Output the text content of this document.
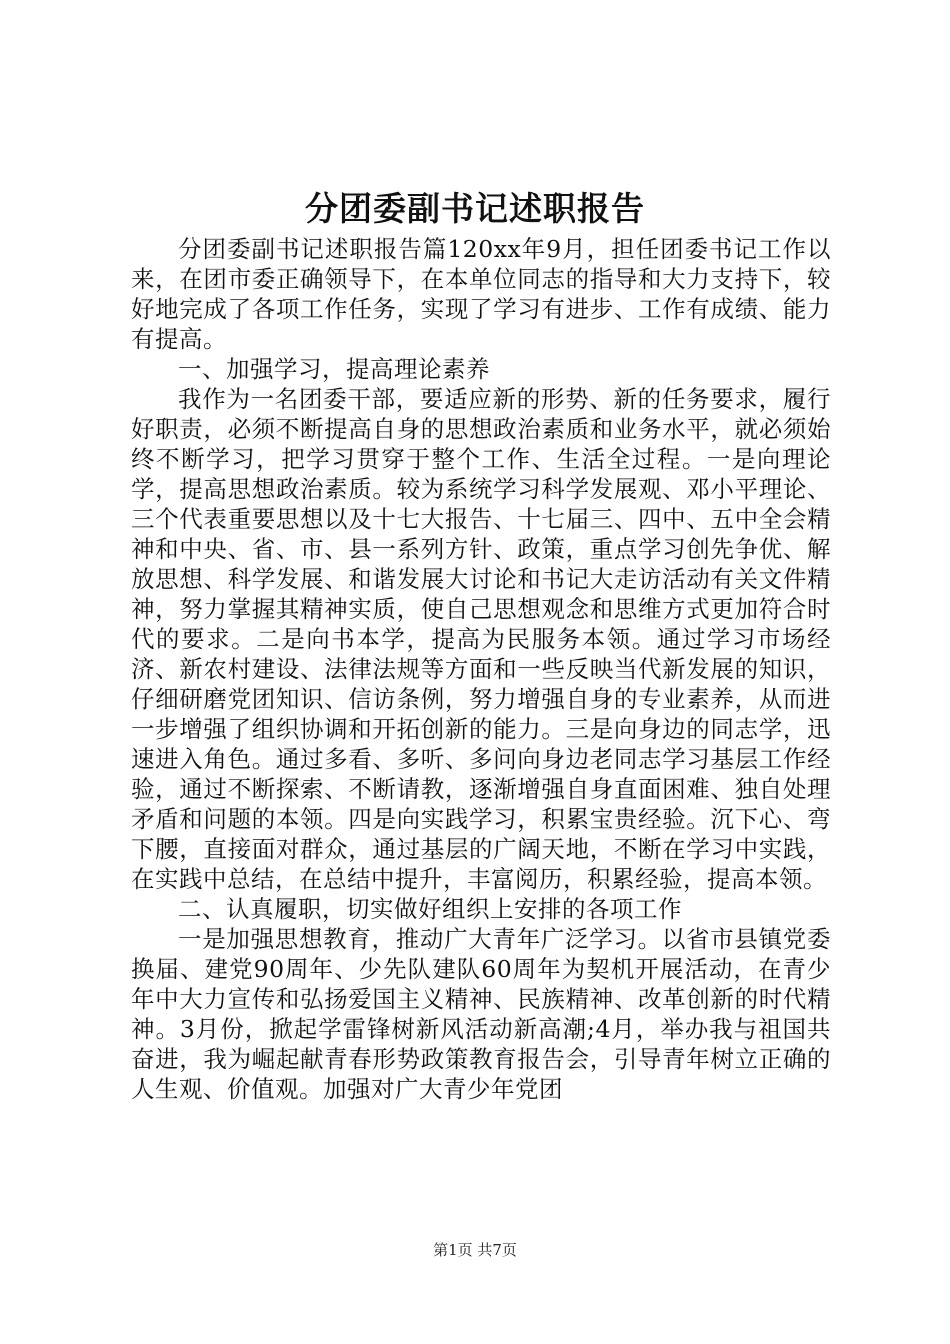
分团委副书记述职报告

分团委副书记述职报告篇120xx年9月，担任团委书记工作以来，在团市委正确领导下，在本单位同志的指导和大力支持下，较好地完成了各项工作任务，实现了学习有进步、工作有成绩、能力有提高。

一、加强学习，提高理论素养

我作为一名团委干部，要适应新的形势、新的任务要求，履行好职责，必须不断提高自身的思想政治素质和业务水平，就必须始终不断学习，把学习贯穿于整个工作、生活全过程。一是向理论学，提高思想政治素质。较为系统学习科学发展观、邓小平理论、三个代表重要思想以及十七大报告、十七届三、四中、五中全会精神和中央、省、市、县一系列方针、政策，重点学习创先争优、解放思想、科学发展、和谐发展大讨论和书记大走访活动有关文件精神，努力掌握其精神实质，使自己思想观念和思维方式更加符合时代的要求。二是向书本学，提高为民服务本领。通过学习市场经济、新农村建设、法律法规等方面和一些反映当代新发展的知识，仔细研磨党团知识、信访条例，努力增强自身的专业素养，从而进一步增强了组织协调和开拓创新的能力。三是向身边的同志学，迅速进入角色。通过多看、多听、多问向身边老同志学习基层工作经验，通过不断探索、不断请教，逐渐增强自身直面困难、独自处理矛盾和问题的本领。四是向实践学习，积累宝贵经验。沉下心、弯下腰，直接面对群众，通过基层的广阔天地，不断在学习中实践，在实践中总结，在总结中提升，丰富阅历，积累经验，提高本领。

二、认真履职，切实做好组织上安排的各项工作

一是加强思想教育，推动广大青年广泛学习。以省市县镇党委换届、建党90周年、少先队建队60周年为契机开展活动，在青少年中大力宣传和弘扬爱国主义精神、民族精神、改革创新的时代精神。3月份，掀起学雷锋树新风活动新高潮;4月，举办我与祖国共奋进，我为崛起献青春形势政策教育报告会，引导青年树立正确的人生观、价值观。加强对广大青少年党团

第1页 共7页
